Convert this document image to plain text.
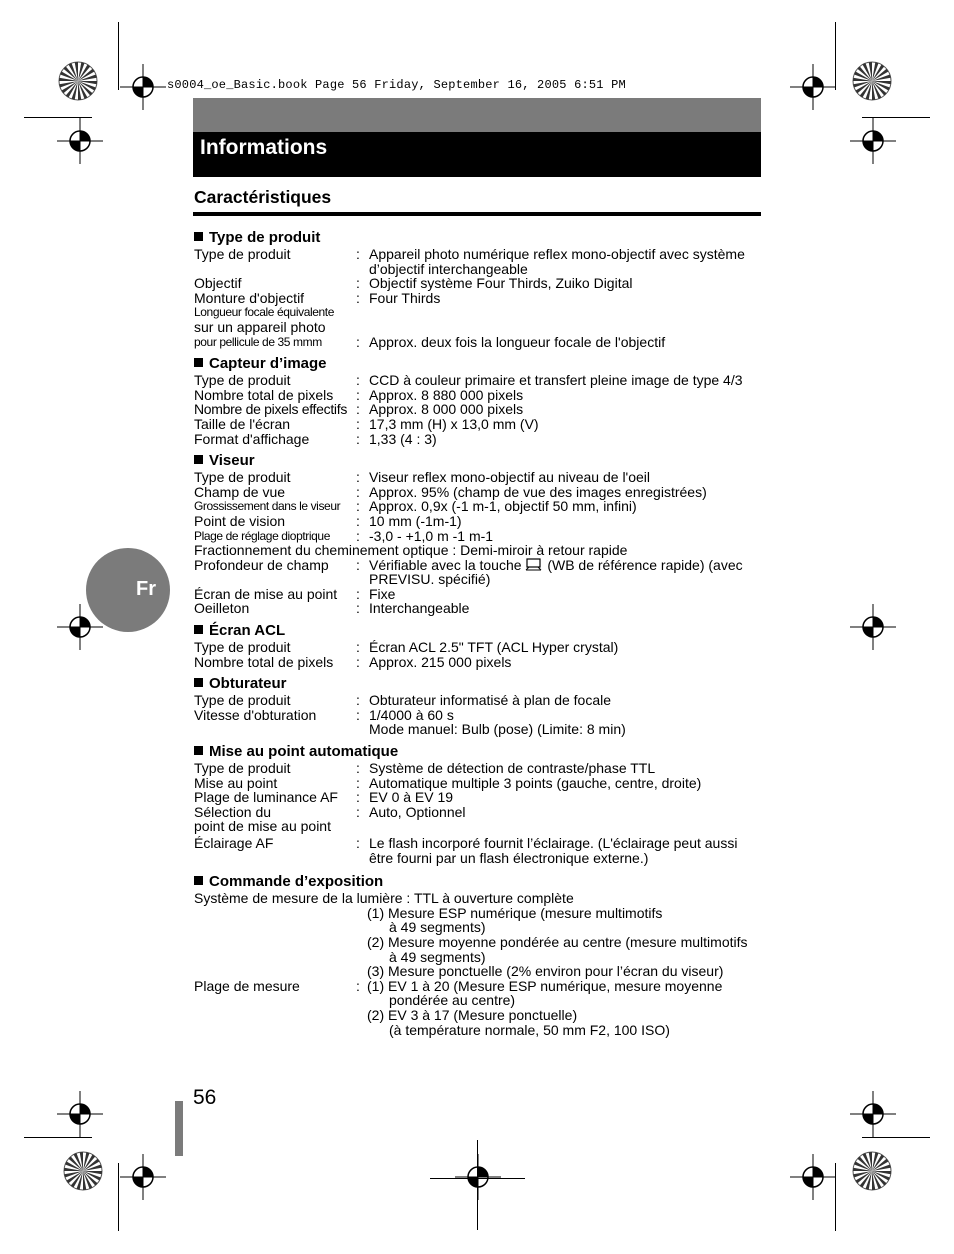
s0004_oe_Basic.book Page 56 Friday, September 16, 2005 6:51 PM
Informations
Caractéristiques
Type de produit
Type de produit	: Appareil photo numérique reflex mono-objectif avec système
d’objectif interchangeable
Objectif	: Objectif système Four Thirds, Zuiko Digital
Monture d'objectif	: Four Thirds
Longueur focale équivalente
sur un appareil photo
pour pellicule de 35 mmm	: Approx. deux fois la longueur focale de l'objectif
Capteur d’image
Type de produit	: CCD à couleur primaire et transfert pleine image de type 4/3
Nombre total de pixels	: Approx. 8 880 000 pixels
Nombre de pixels effectifs : Approx. 8 000 000 pixels
Taille de l'écran	: 17,3 mm (H) x 13,0 mm (V)
Format d'affichage	: 1,33 (4 : 3)
Viseur
Type de produit	: Viseur reflex mono-objectif au niveau de l'oeil
Champ de vue	: Approx. 95% (champ de vue des images enregistrées)
Grossissement dans le viseur	: Approx. 0,9x (-1 m-1, objectif 50 mm, infini)
Point de vision	: 10 mm (-1m-1)
Plage de réglage dioptrique	: -3,0 - +1,0 m -1 m-1
Fractionnement du cheminement optique : Demi-miroir à retour rapide
Profondeur de champ	: Vérifiable avec la touche  (WB de référence rapide) (avec
PREVISU. spécifié)
Écran de mise au point	: Fixe
Oeilleton	: Interchangeable
Écran ACL
Type de produit	: Écran ACL 2.5" TFT (ACL Hyper crystal)
Nombre total de pixels	: Approx. 215 000 pixels
Obturateur
Type de produit	: Obturateur informatisé à plan de focale
Vitesse d'obturation	: 1/4000 à 60 s
Mode manuel: Bulb (pose) (Limite: 8 min)
Mise au point automatique
Type de produit	: Système de détection de contraste/phase TTL
Mise au point	: Automatique multiple 3 points (gauche, centre, droite)
Plage de luminance AF	: EV 0 à EV 19
Sélection du	: Auto, Optionnel
point de mise au point
Éclairage AF	: Le flash incorporé fournit l’éclairage. (L'éclairage peut aussi
être fourni par un flash électronique externe.)
Commande d’exposition
Système de mesure de la lumière : TTL à ouverture complète
(1) Mesure ESP numérique (mesure multimotifs
à 49 segments)
(2) Mesure moyenne pondérée au centre (mesure multimotifs
à 49 segments)
(3) Mesure ponctuelle (2% environ pour l’écran du viseur)
Plage de mesure	: (1) EV 1 à 20 (Mesure ESP numérique, mesure moyenne
pondérée au centre)
(2) EV 3 à 17 (Mesure ponctuelle)
(à température normale, 50 mm F2, 100 ISO)
Fr
56
